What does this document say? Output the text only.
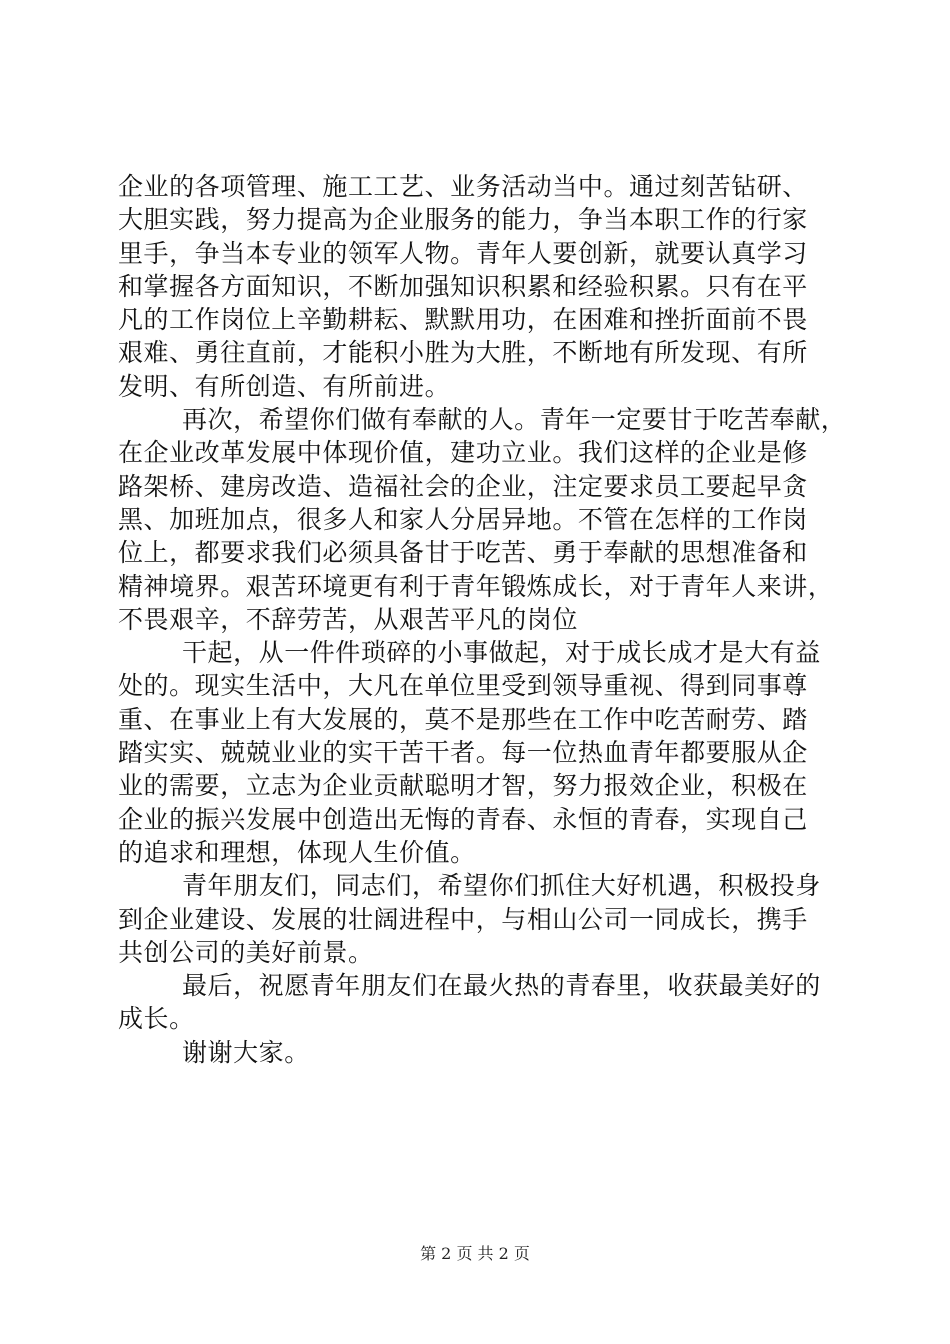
企业的各项管理、施工工艺、业务活动当中。通过刻苦钻研、
大胆实践，努力提高为企业服务的能力，争当本职工作的行家
里手，争当本专业的领军人物。青年人要创新，就要认真学习
和掌握各方面知识，不断加强知识积累和经验积累。只有在平
凡的工作岗位上辛勤耕耘、默默用功，在困难和挫折面前不畏
艰难、勇往直前，才能积小胜为大胜，不断地有所发现、有所
发明、有所创造、有所前进。
再次，希望你们做有奉献的人。青年一定要甘于吃苦奉献，
在企业改革发展中体现价值，建功立业。我们这样的企业是修
路架桥、建房改造、造福社会的企业，注定要求员工要起早贪
黑、加班加点，很多人和家人分居异地。不管在怎样的工作岗
位上，都要求我们必须具备甘于吃苦、勇于奉献的思想准备和
精神境界。艰苦环境更有利于青年锻炼成长，对于青年人来讲，
不畏艰辛，不辞劳苦，从艰苦平凡的岗位
干起，从一件件琐碎的小事做起，对于成长成才是大有益
处的。现实生活中，大凡在单位里受到领导重视、得到同事尊
重、在事业上有大发展的，莫不是那些在工作中吃苦耐劳、踏
踏实实、兢兢业业的实干苦干者。每一位热血青年都要服从企
业的需要，立志为企业贡献聪明才智，努力报效企业，积极在
企业的振兴发展中创造出无悔的青春、永恒的青春，实现自己
的追求和理想，体现人生价值。
青年朋友们，同志们，希望你们抓住大好机遇，积极投身
到企业建设、发展的壮阔进程中，与相山公司一同成长，携手
共创公司的美好前景。
最后，祝愿青年朋友们在最火热的青春里，收获最美好的
成长。
谢谢大家。
第 2 页 共 2 页
